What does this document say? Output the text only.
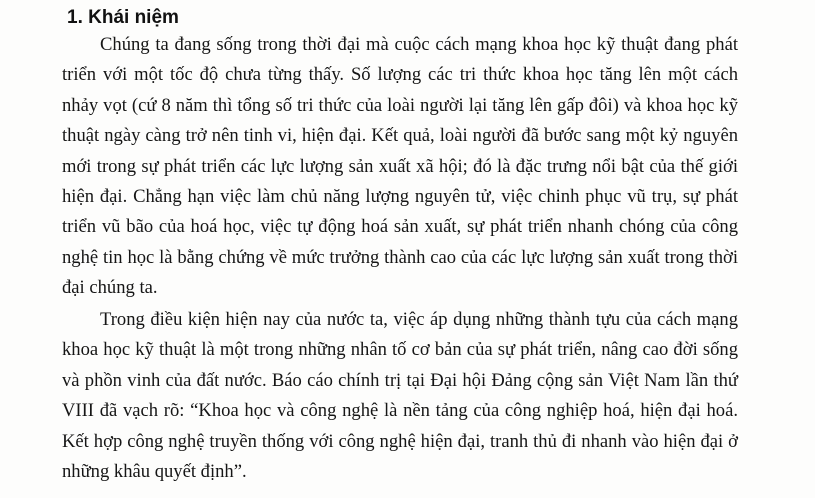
1. Khái niệm

Chúng ta đang sống trong thời đại mà cuộc cách mạng khoa học kỹ thuật đang phát triển với một tốc độ chưa từng thấy. Số lượng các tri thức khoa học tăng lên một cách nhảy vọt (cứ 8 năm thì tổng số tri thức của loài người lại tăng lên gấp đôi) và khoa học kỹ thuật ngày càng trở nên tinh vi, hiện đại. Kết quả, loài người đã bước sang một kỷ nguyên mới trong sự phát triển các lực lượng sản xuất xã hội; đó là đặc trưng nổi bật của thế giới hiện đại. Chẳng hạn việc làm chủ năng lượng nguyên tử, việc chinh phục vũ trụ, sự phát triển vũ bão của hoá học, việc tự động hoá sản xuất, sự phát triển nhanh chóng của công nghệ tin học là bằng chứng về mức trưởng thành cao của các lực lượng sản xuất trong thời đại chúng ta.

Trong điều kiện hiện nay của nước ta, việc áp dụng những thành tựu của cách mạng khoa học kỹ thuật là một trong những nhân tố cơ bản của sự phát triển, nâng cao đời sống và phồn vinh của đất nước. Báo cáo chính trị tại Đại hội Đảng cộng sản Việt Nam lần thứ VIII đã vạch rõ: “Khoa học và công nghệ là nền tảng của công nghiệp hoá, hiện đại hoá. Kết hợp công nghệ truyền thống với công nghệ hiện đại, tranh thủ đi nhanh vào hiện đại ở những khâu quyết định”.
